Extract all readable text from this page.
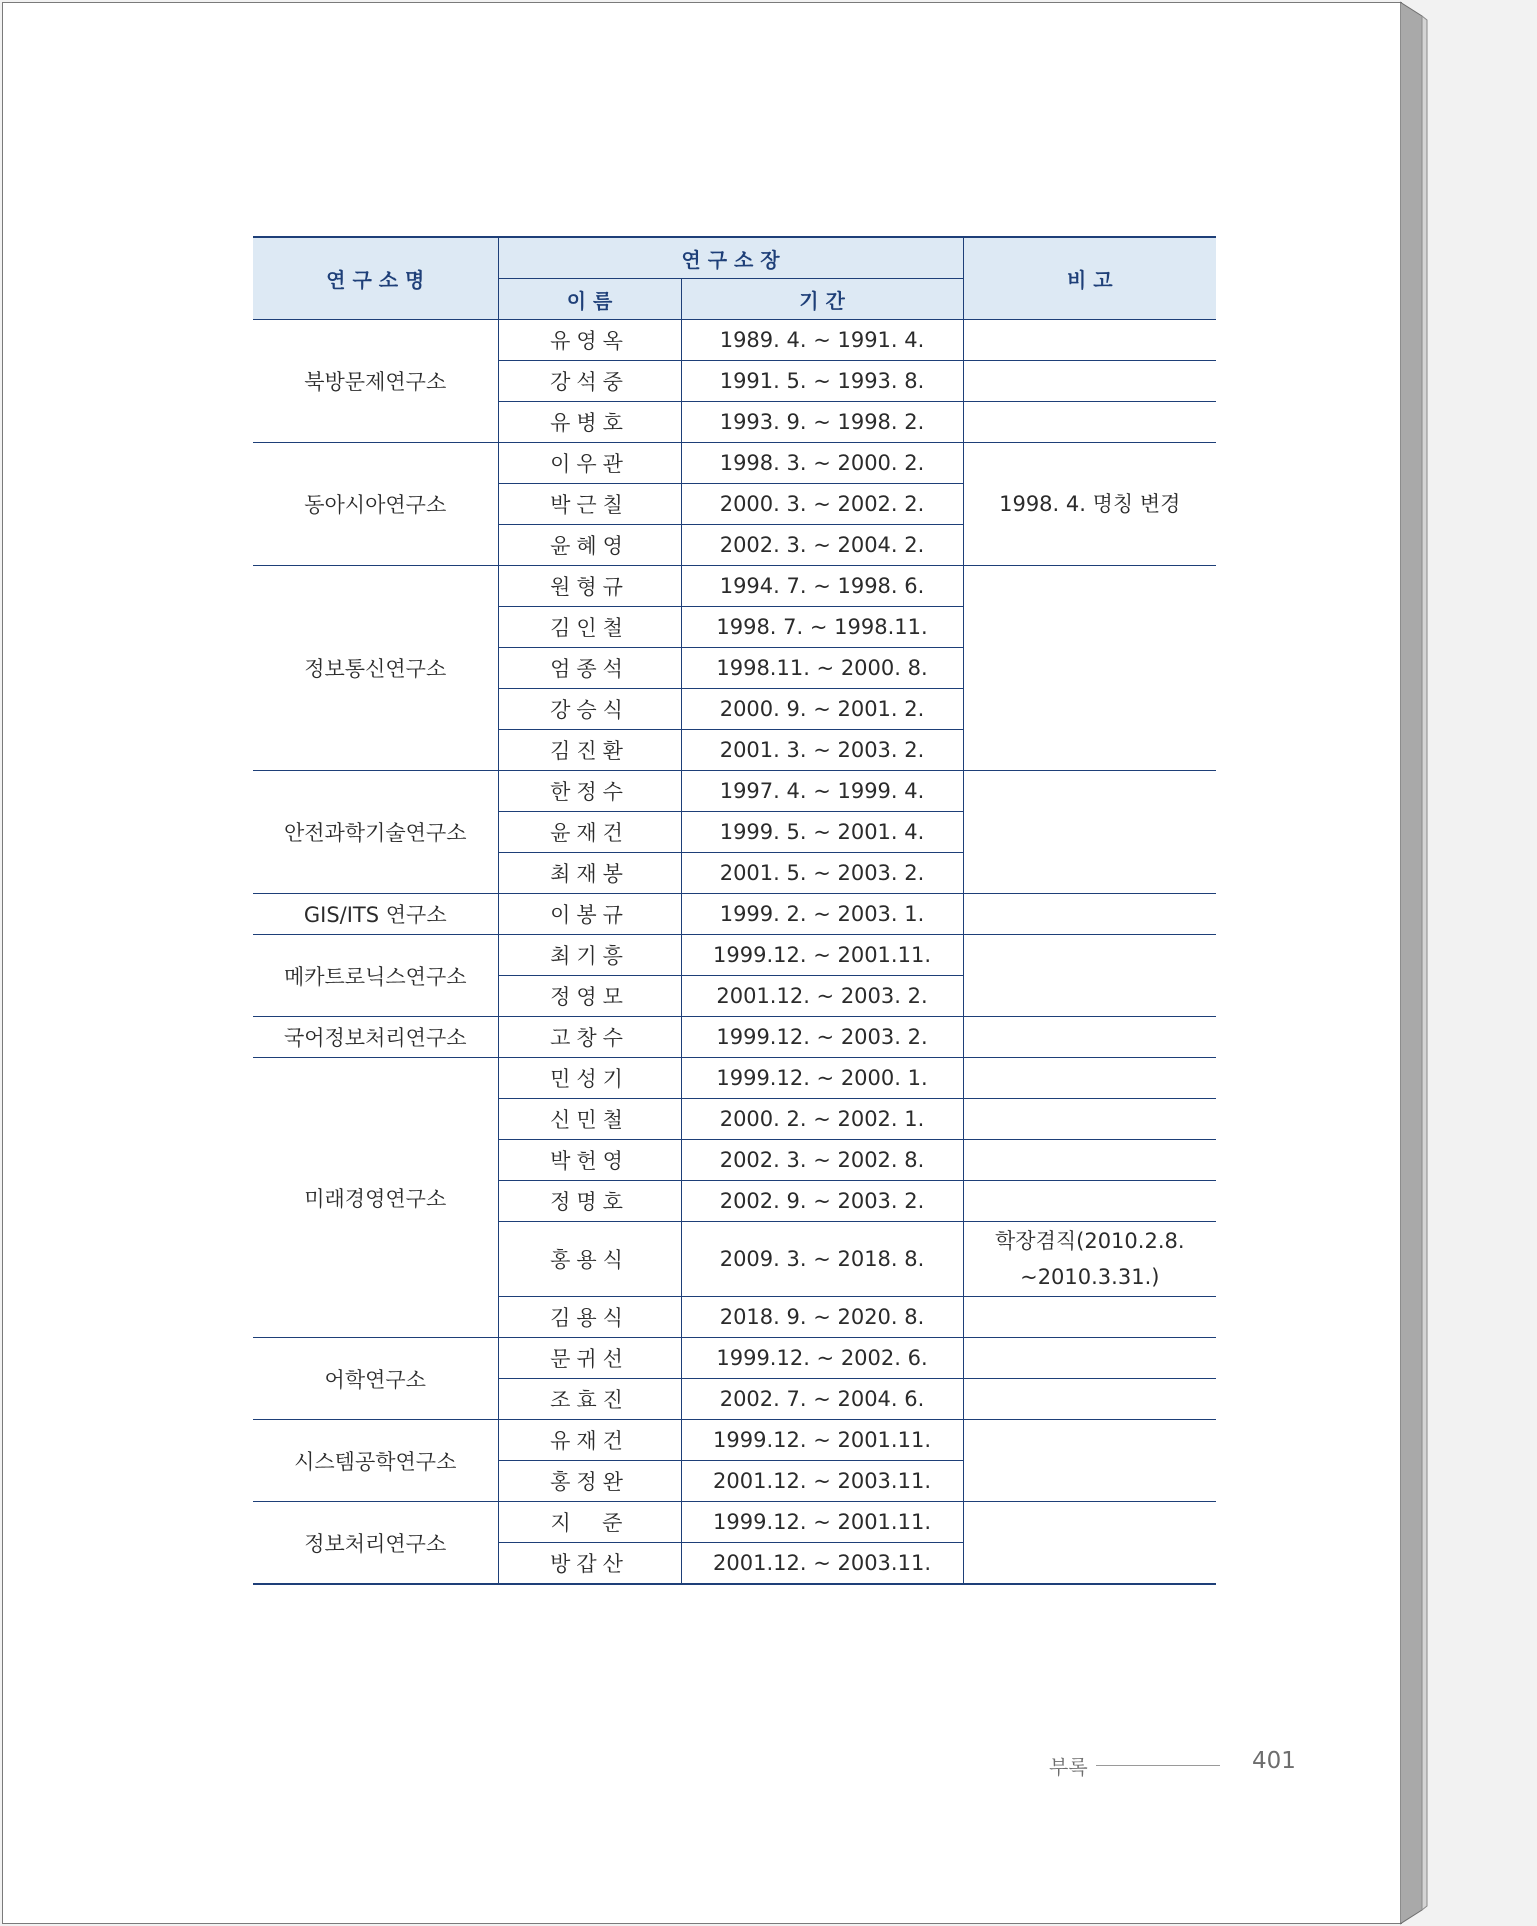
연 구 소 명	연 구 소 장		비 고
	이 름	기 간	
북방문제연구소	유영옥	1989. 4. ~ 1991. 4.	
	강석중	1991. 5. ~ 1993. 8.	
	유병호	1993. 9. ~ 1998. 2.	
동아시아연구소	이우관	1998. 3. ~ 2000. 2.	1998. 4. 명칭 변경
	박근칠	2000. 3. ~ 2002. 2.	
	윤혜영	2002. 3. ~ 2004. 2.	
정보통신연구소	원형규	1994. 7. ~ 1998. 6.	
	김인철	1998. 7. ~ 1998.11.	
	엄종석	1998.11. ~ 2000. 8.	
	강승식	2000. 9. ~ 2001. 2.	
	김진환	2001. 3. ~ 2003. 2.	
안전과학기술연구소	한정수	1997. 4. ~ 1999. 4.	
	윤재건	1999. 5. ~ 2001. 4.	
	최재봉	2001. 5. ~ 2003. 2.	
GIS/ITS 연구소	이봉규	1999. 2. ~ 2003. 1.	
메카트로닉스연구소	최기흥	1999.12. ~ 2001.11.	
	정영모	2001.12. ~ 2003. 2.	
국어정보처리연구소	고창수	1999.12. ~ 2003. 2.	
미래경영연구소	민성기	1999.12. ~ 2000. 1.	
	신민철	2000. 2. ~ 2002. 1.	
	박헌영	2002. 3. ~ 2002. 8.	
	정명호	2002. 9. ~ 2003. 2.	
	홍용식	2009. 3. ~ 2018. 8.	학장겸직(2010.2.8.
~2010.3.31.)

	김용식	2018. 9. ~ 2020. 8.	
어학연구소	문귀선	1999.12. ~ 2002. 6.	
	조효진	2002. 7. ~ 2004. 6.	
시스템공학연구소	유재건	1999.12. ~ 2001.11.	
	홍정완	2001.12. ~ 2003.11.	
정보처리연구소	지  준	1999.12. ~ 2001.11.	
	방갑산	2001.12. ~ 2003.11.	
부록	401
